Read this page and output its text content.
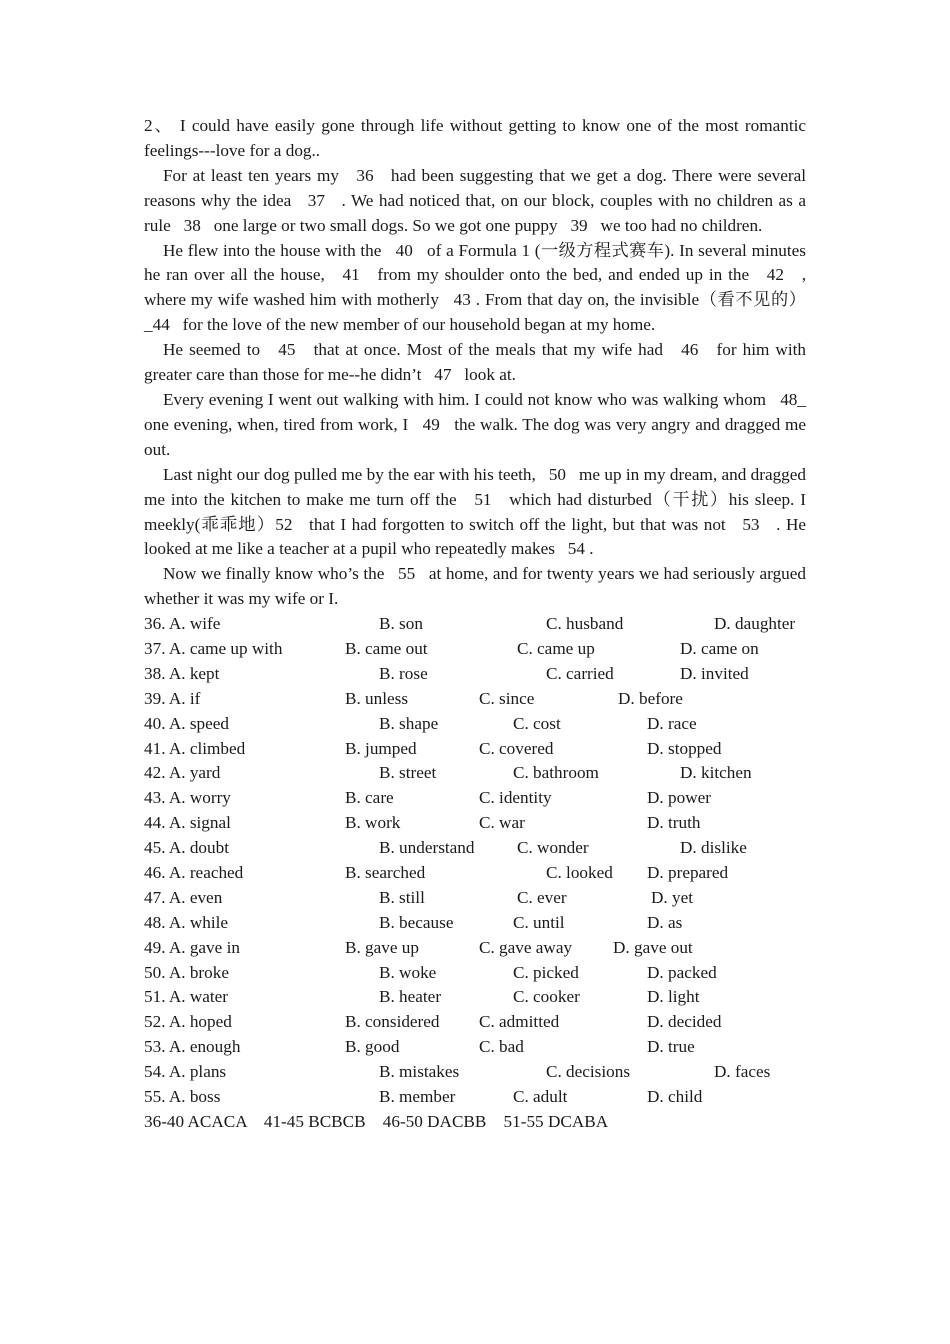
2、 I could have easily gone through life without getting to know one of the most romantic feelings---love for a dog..

For at least ten years my   36   had been suggesting that we get a dog. There were several reasons why the idea   37   . We had noticed that, on our block, couples with no children as a rule   38   one large or two small dogs. So we got one puppy   39   we too had no children.

He flew into the house with the   40   of a Formula 1 (一级方程式赛车). In several minutes he ran over all the house,   41   from my shoulder onto the bed, and ended up in the   42   , where my wife washed him with motherly   43 . From that day on, the invisible（看不见的）  _44   for the love of the new member of our household began at my home.

He seemed to   45   that at once. Most of the meals that my wife had   46   for him with greater care than those for me--he didn’t   47   look at.

Every evening I went out walking with him. I could not know who was walking whom   48_   one evening, when, tired from work, I   49   the walk. The dog was very angry and dragged me out.

Last night our dog pulled me by the ear with his teeth,   50   me up in my dream, and dragged me into the kitchen to make me turn off the   51   which had disturbed（干扰）his sleep. I meekly(乖乖地）52   that I had forgotten to switch off the light, but that was not   53   . He looked at me like a teacher at a pupil who repeatedly makes   54 .

Now we finally know who’s the   55   at home, and for twenty years we had seriously argued whether it was my wife or I.

36. A. wife	B. son	C. husband	D. daughter
37. A. came up with	B. came out	C. came up	D. came on
38. A. kept	B. rose	C. carried	D. invited
39. A. if	B. unless	C. since	D. before
40. A. speed	B. shape	C. cost	D. race
41. A. climbed	B. jumped	C. covered	D. stopped
42. A. yard	B. street	C. bathroom	D. kitchen
43. A. worry	B. care	C. identity	D. power
44. A. signal	B. work	C. war	D. truth
45. A. doubt	B. understand C. wonder	D. dislike
46. A. reached	B. searched	C. looked D. prepared
47. A. even	B. still	C. ever	D. yet
48. A. while	B. because	C. until	D. as
49. A. gave in	B. gave up	C. gave away D. gave out
50. A. broke	B. woke	C. picked	D. packed
51. A. water	B. heater	C. cooker	D. light
52. A. hoped	B. considered C. admitted	D. decided
53. A. enough	B. good	C. bad	D. true
54. A. plans	B. mistakes	C. decisions	D. faces
55. A. boss	B. member	C. adult	D. child
36-40 ACACA    41-45 BCBCB    46-50 DACBB    51-55 DCABA
